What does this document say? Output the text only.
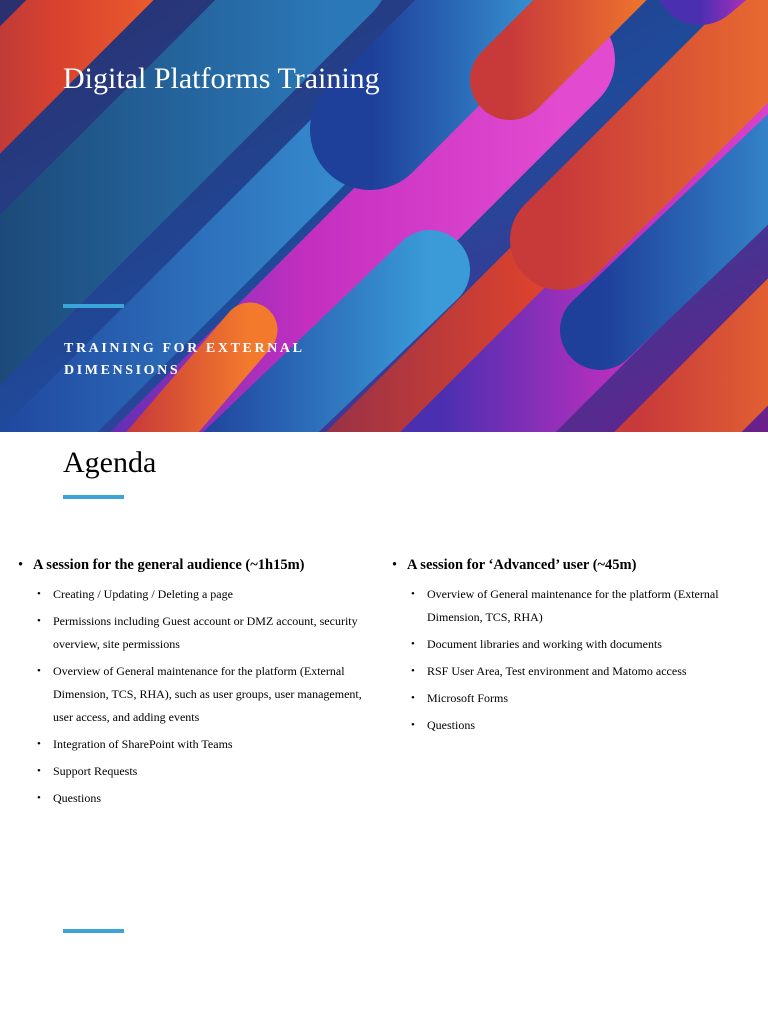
Digital Platforms Training
TRAINING FOR EXTERNAL DIMENSIONS
Agenda
• A session for the general audience (~1h15m)
• Creating / Updating / Deleting a page
• Permissions including Guest account or DMZ account, security overview, site permissions
• Overview of General maintenance for the platform (External Dimension, TCS, RHA), such as user groups, user management, user access, and adding events
• Integration of SharePoint with Teams
• Support Requests
• Questions
• A session for ‘Advanced’ user (~45m)
• Overview of General maintenance for the platform (External Dimension, TCS, RHA)
• Document libraries and working with documents
• RSF User Area, Test environment and Matomo access
• Microsoft Forms
• Questions
